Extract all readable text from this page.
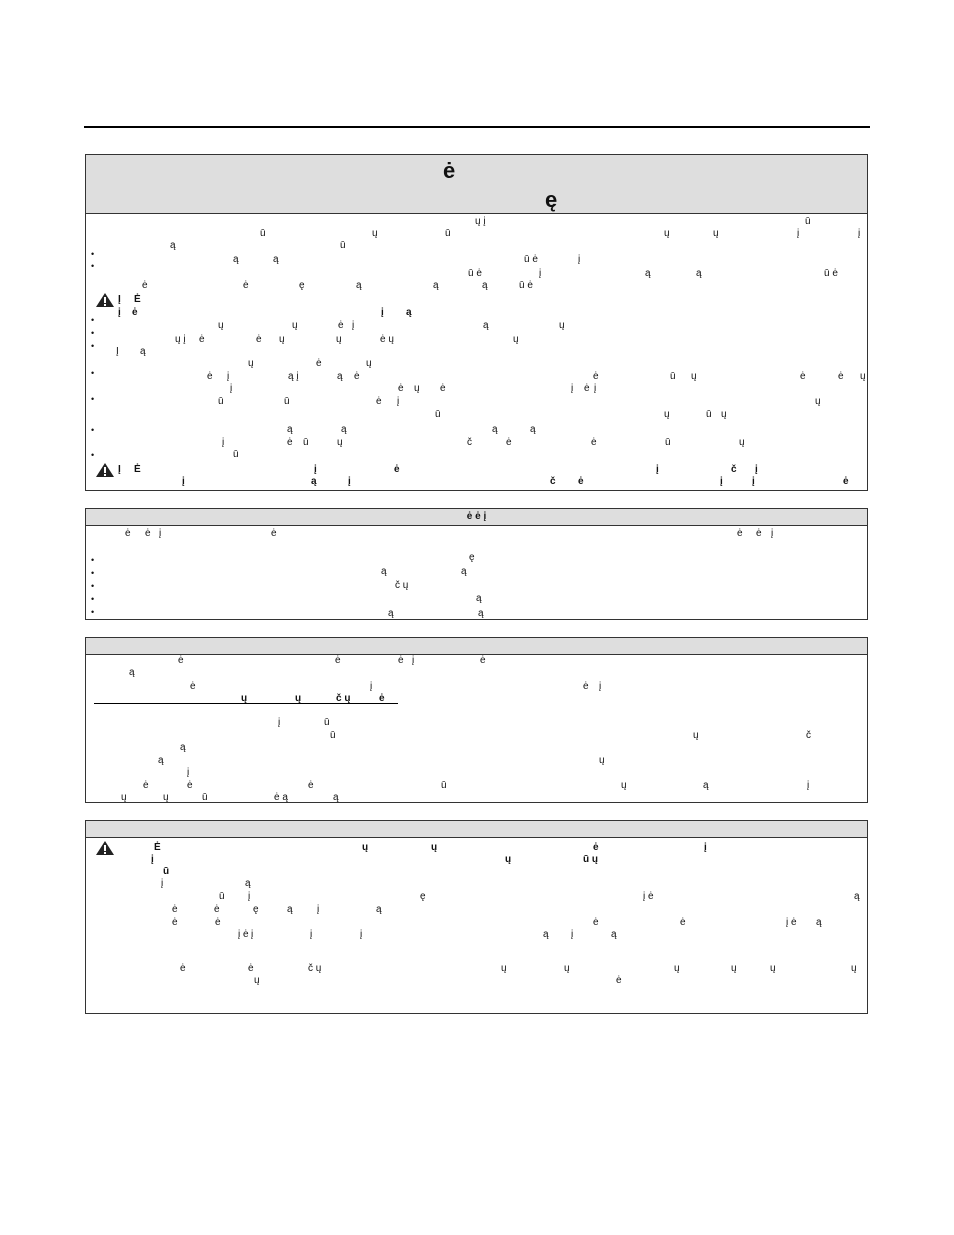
ė
ę
ų į	ū
ū	ų	ū	ų	ų	į	į
ą	ū
ą	ą	ū ė	į
ū ė	į	ą	ą	ū ė
ė	ė	ę	ą	ą	ą	ū ė
Į Ė
į ė	į ą
ų	ų	ė į	ą	ų
ų į ė	ė ų	ų	ė ų	ų
Į ą
ų	ė	ų
ė į	ą į	ą ė	ė	ū ų	ė	ė ų
į	ė ų ė	į ė į
ū	ū	ė į	ų
ū	ų	ū ų
ą	ą	ą	ą
į	ė ū	ų	č	ė	ė	ū	ų
ū
Į Ė	į	ė	į	č į
į	ą	į	č ė	į	į	ė
•
•
•
•
•
•
•
•
•
ė ė į
ė ė į	ė	ė ė į
ę
ą	ą
č ų
ą
ą	ą
•
•
•
•
•
ė	ė	ė į	ė
ą
ė	į	ė į
ų	ų	č ų	ė
į	ū
ū	ų	č
ą
ą	ų
į
ė	ė	ė	ū	ų	ą	į
ų	ų	ū	ė ą	ą
Ė	ų	ų	ė	į
į	ų	ū ų
ū
į	ą
ū į	ę	į ė	ą
ė	ė	ę	ą į	ą
ė	ė	ė	ė	į ė ą
į ė į	į	į	ą į	ą
ė	ė	č ų	ų	ų	ų	ų	ų	ų
ų	ė
